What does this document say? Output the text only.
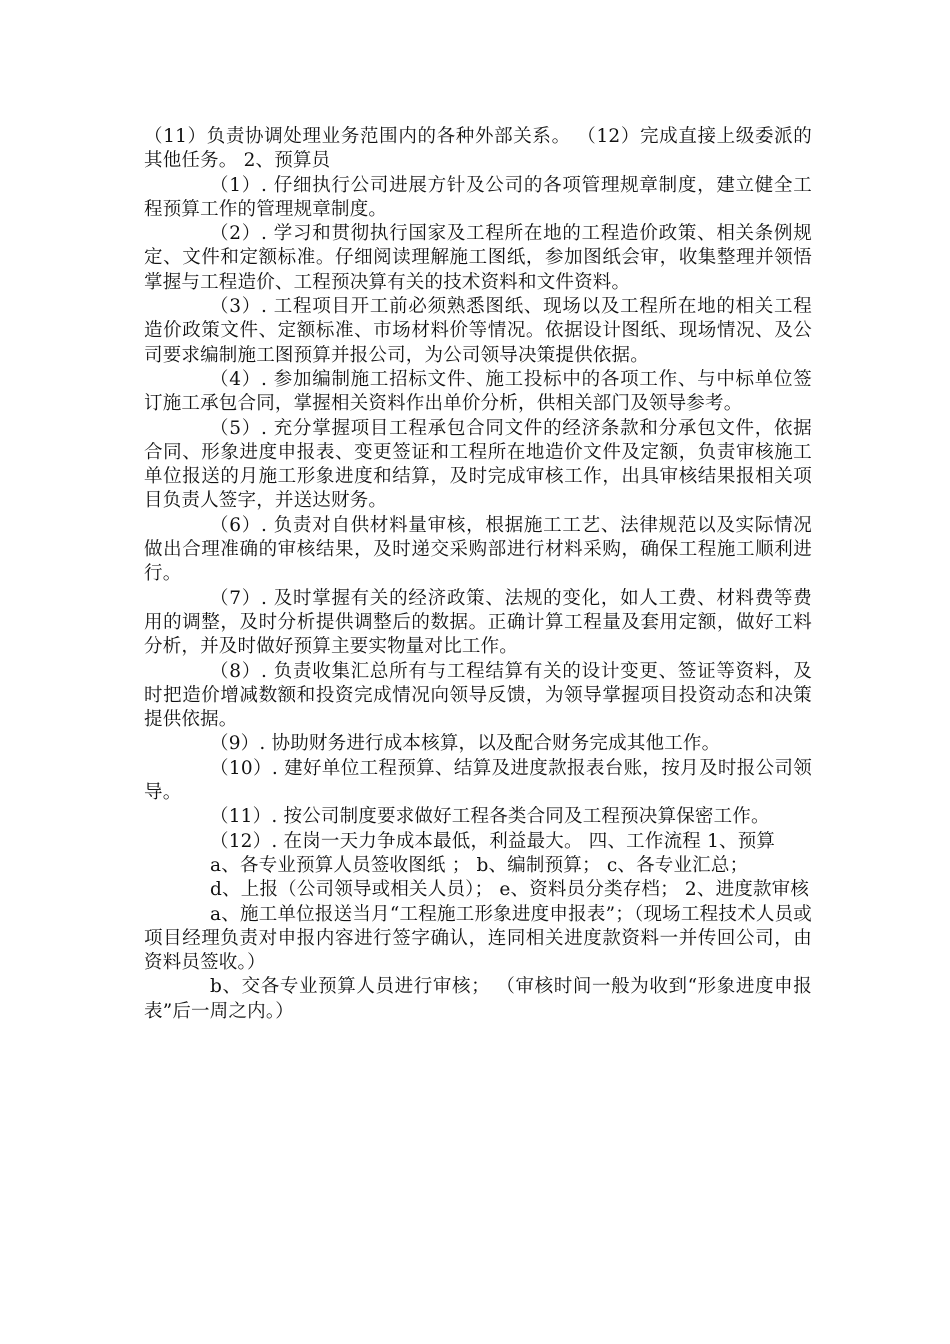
（11）负责协调处理业务范围内的各种外部关系。 （12）完成直接上级委派的其他任务。 2、预算员

（1）. 仔细执行公司进展方针及公司的各项管理规章制度，建立健全工程预算工作的管理规章制度。

（2）. 学习和贯彻执行国家及工程所在地的工程造价政策、相关条例规定、文件和定额标准。仔细阅读理解施工图纸，参加图纸会审，收集整理并领悟掌握与工程造价、工程预决算有关的技术资料和文件资料。

（3）. 工程项目开工前必须熟悉图纸、现场以及工程所在地的相关工程造价政策文件、定额标准、市场材料价等情况。依据设计图纸、现场情况、及公司要求编制施工图预算并报公司，为公司领导决策提供依据。

（4）. 参加编制施工招标文件、施工投标中的各项工作、与中标单位签订施工承包合同，掌握相关资料作出单价分析，供相关部门及领导参考。

（5）. 充分掌握项目工程承包合同文件的经济条款和分承包文件，依据合同、形象进度申报表、变更签证和工程所在地造价文件及定额，负责审核施工单位报送的月施工形象进度和结算，及时完成审核工作，出具审核结果报相关项目负责人签字，并送达财务。

（6）. 负责对自供材料量审核，根据施工工艺、法律规范以及实际情况做出合理准确的审核结果，及时递交采购部进行材料采购，确保工程施工顺利进行。

（7）. 及时掌握有关的经济政策、法规的变化，如人工费、材料费等费用的调整，及时分析提供调整后的数据。正确计算工程量及套用定额，做好工料分析，并及时做好预算主要实物量对比工作。

（8）. 负责收集汇总所有与工程结算有关的设计变更、签证等资料，及时把造价增减数额和投资完成情况向领导反馈，为领导掌握项目投资动态和决策提供依据。

（9）. 协助财务进行成本核算，以及配合财务完成其他工作。

（10）. 建好单位工程预算、结算及进度款报表台账，按月及时报公司领导。

（11）. 按公司制度要求做好工程各类合同及工程预决算保密工作。

（12）. 在岗一天力争成本最低，利益最大。 四、工作流程 1、预算

a、各专业预算人员签收图纸 ； b、编制预算； c、各专业汇总；

d、上报（公司领导或相关人员）； e、资料员分类存档； 2、进度款审核

a、施工单位报送当月“工程施工形象进度申报表”；（现场工程技术人员或项目经理负责对申报内容进行签字确认，连同相关进度款资料一并传回公司，由资料员签收。）

b、交各专业预算人员进行审核； （审核时间一般为收到“形象进度申报表”后一周之内。）
